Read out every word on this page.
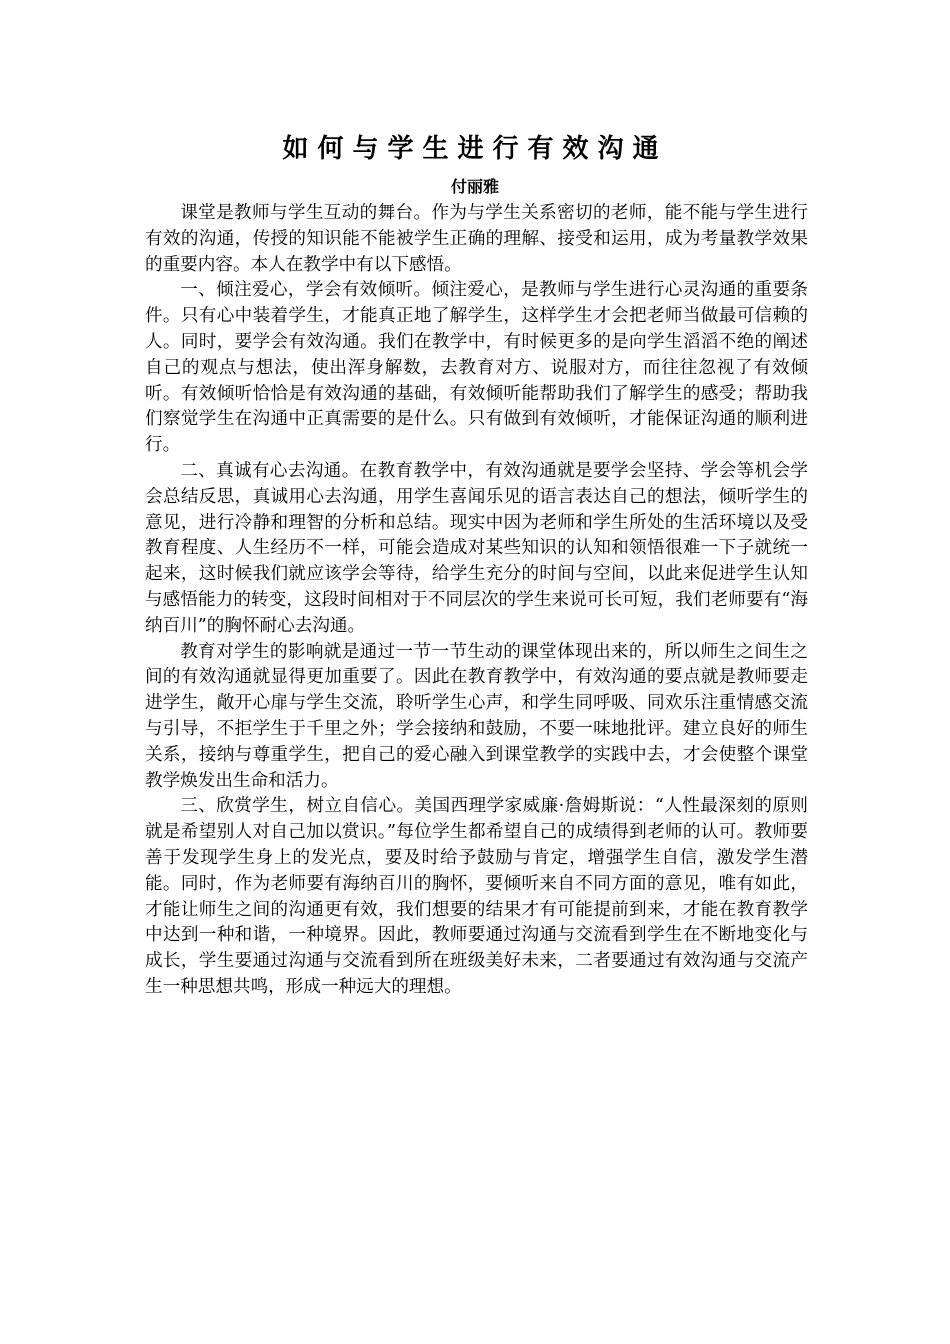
如何与学生进行有效沟通
付丽雅

课堂是教师与学生互动的舞台。作为与学生关系密切的老师，能不能与学生进行有效的沟通，传授的知识能不能被学生正确的理解、接受和运用，成为考量教学效果的重要内容。本人在教学中有以下感悟。

一、倾注爱心，学会有效倾听。倾注爱心，是教师与学生进行心灵沟通的重要条件。只有心中装着学生，才能真正地了解学生，这样学生才会把老师当做最可信赖的人。同时，要学会有效沟通。我们在教学中，有时候更多的是向学生滔滔不绝的阐述自己的观点与想法，使出浑身解数，去教育对方、说服对方，而往往忽视了有效倾听。有效倾听恰恰是有效沟通的基础，有效倾听能帮助我们了解学生的感受；帮助我们察觉学生在沟通中正真需要的是什么。只有做到有效倾听，才能保证沟通的顺利进行。

二、真诚有心去沟通。在教育教学中，有效沟通就是要学会坚持、学会等机会学会总结反思，真诚用心去沟通，用学生喜闻乐见的语言表达自己的想法，倾听学生的意见，进行冷静和理智的分析和总结。现实中因为老师和学生所处的生活环境以及受教育程度、人生经历不一样，可能会造成对某些知识的认知和领悟很难一下子就统一起来，这时候我们就应该学会等待，给学生充分的时间与空间，以此来促进学生认知与感悟能力的转变，这段时间相对于不同层次的学生来说可长可短，我们老师要有“海纳百川”的胸怀耐心去沟通。

教育对学生的影响就是通过一节一节生动的课堂体现出来的，所以师生之间生之间的有效沟通就显得更加重要了。因此在教育教学中，有效沟通的要点就是教师要走进学生，敞开心扉与学生交流，聆听学生心声，和学生同呼吸、同欢乐注重情感交流与引导，不拒学生于千里之外；学会接纳和鼓励，不要一味地批评。建立良好的师生关系，接纳与尊重学生，把自己的爱心融入到课堂教学的实践中去，才会使整个课堂教学焕发出生命和活力。

三、欣赏学生，树立自信心。美国西理学家威廉·詹姆斯说：“人性最深刻的原则就是希望别人对自己加以赏识。”每位学生都希望自己的成绩得到老师的认可。教师要善于发现学生身上的发光点，要及时给予鼓励与肯定，增强学生自信，激发学生潜能。同时，作为老师要有海纳百川的胸怀，要倾听来自不同方面的意见，唯有如此，才能让师生之间的沟通更有效，我们想要的结果才有可能提前到来，才能在教育教学中达到一种和谐，一种境界。因此，教师要通过沟通与交流看到学生在不断地变化与成长，学生要通过沟通与交流看到所在班级美好未来，二者要通过有效沟通与交流产生一种思想共鸣，形成一种远大的理想。
